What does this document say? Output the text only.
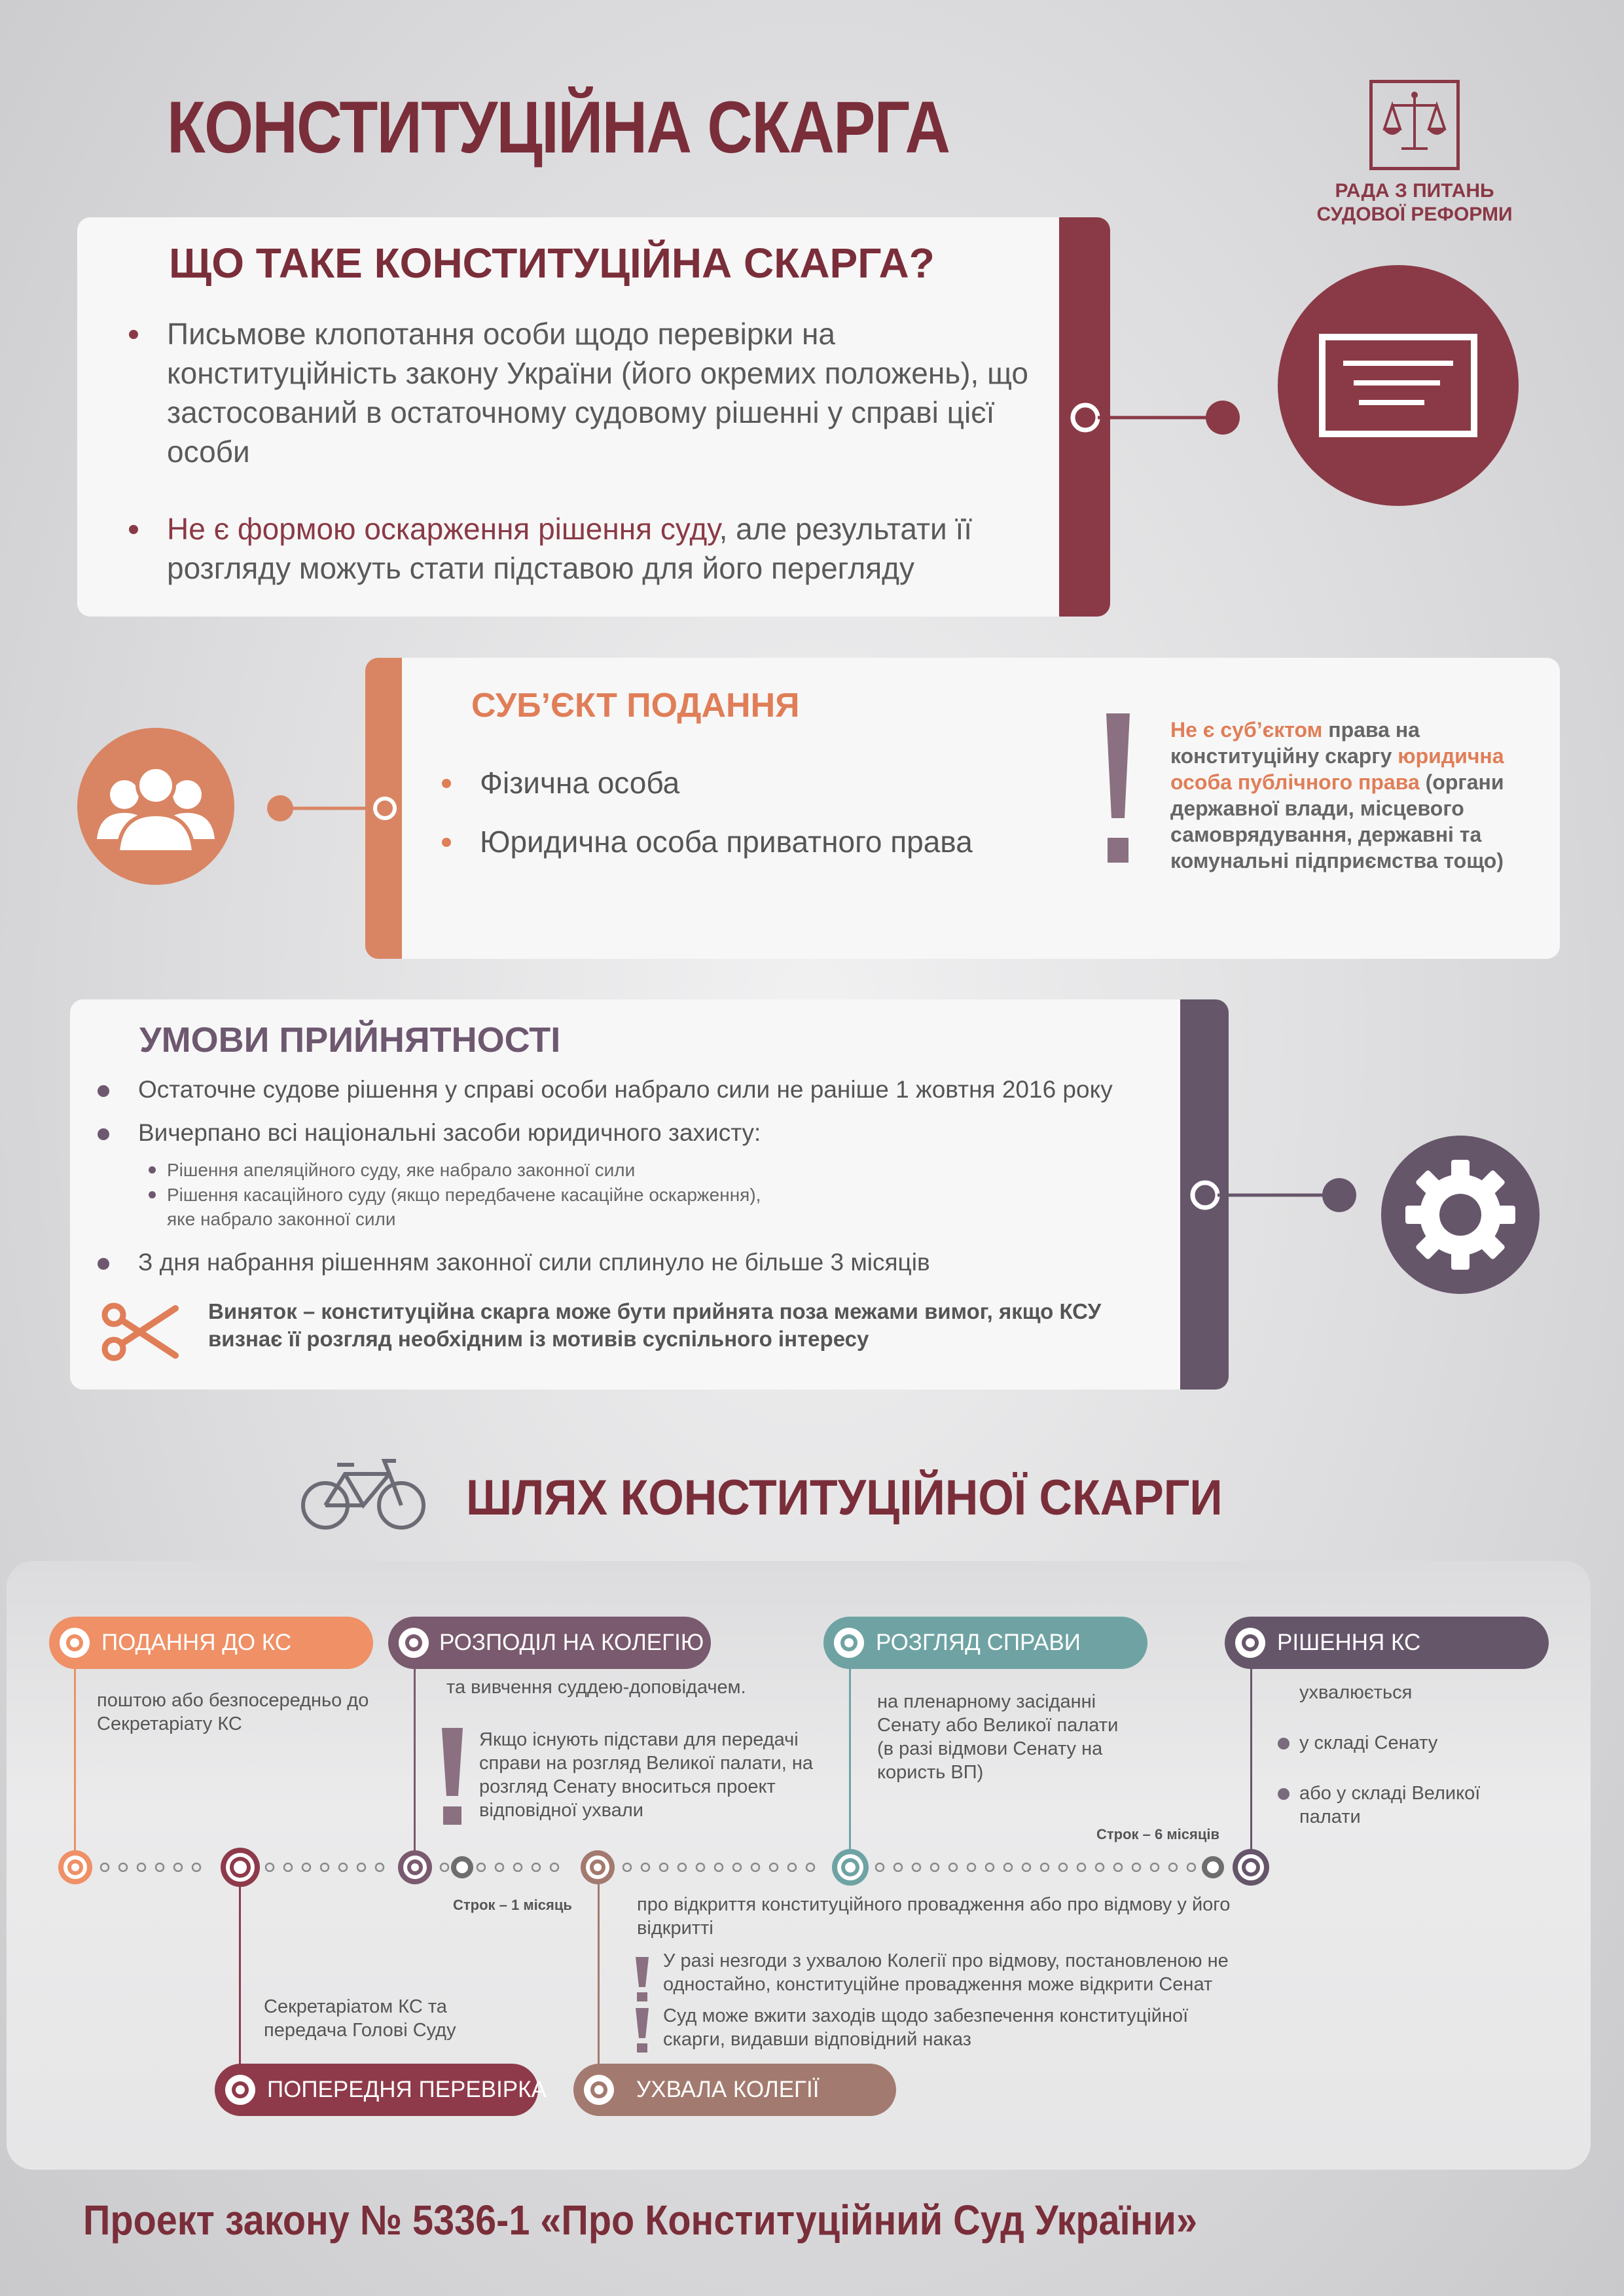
КОНСТИТУЦІЙНА СКАРГА
РАДА З ПИТАНЬ
СУДОВОЇ РЕФОРМИ
ЩО ТАКЕ КОНСТИТУЦІЙНА СКАРГА?
Письмове клопотання особи щодо перевірки на конституційність закону України (його окремих положень), що застосований в остаточному судовому рішенні у справі цієї особи
Не є формою оскарження рішення суду, але результати її розгляду можуть стати підставою для його перегляду
СУБ’ЄКТ ПОДАННЯ
Фізична особа
Юридична особа приватного права
Не є суб’єктом права на конституційну скаргу юридична особа публічного права (органи державної влади, місцевого самоврядування, державні та комунальні підприємства тощо)
УМОВИ ПРИЙНЯТНОСТІ
Остаточне судове рішення у справі особи набрало сили не раніше 1 жовтня 2016 року
Вичерпано всі національні засоби юридичного захисту:
Рішення апеляційного суду, яке набрало законної сили
Рішення касаційного суду (якщо передбачене касаційне оскарження),
яке набрало законної сили
З дня набрання рішенням законної сили сплинуло не більше 3 місяців
Виняток – конституційна скарга може бути прийнята поза межами вимог, якщо КСУ визнає її розгляд необхідним із мотивів суспільного інтересу
ШЛЯХ КОНСТИТУЦІЙНОЇ СКАРГИ
ПОДАННЯ ДО КС
поштою або безпосередньо до Секретаріату КС
Секретаріатом КС та передача Голові Суду
ПОПЕРЕДНЯ ПЕРЕВІРКА
РОЗПОДІЛ НА КОЛЕГІЮ
та вивчення суддею-доповідачем.
Якщо існують підстави для передачі справи на розгляд Великої палати, на розгляд Сенату вноситься проект відповідної ухвали
Строк – 1 місяць	про відкриття конституційного провадження або про відмову у його відкритті
У разі незгоди з ухвалою Колегії про відмову, постановленою не одностайно, конституційне провадження може відкрити Сенат
Суд може вжити заходів щодо забезпечення конституційної скарги, видавши відповідний наказ
УХВАЛА КОЛЕГІЇ
РОЗГЛЯД СПРАВИ
на пленарному засіданні Сенату або Великої палати (в разі відмови Сенату на користь ВП)
Строк – 6 місяців
РІШЕННЯ КС
ухвалюється
у складі Сенату
або у складі Великої палати
Проект закону № 5336-1 «Про Конституційний Суд України»
